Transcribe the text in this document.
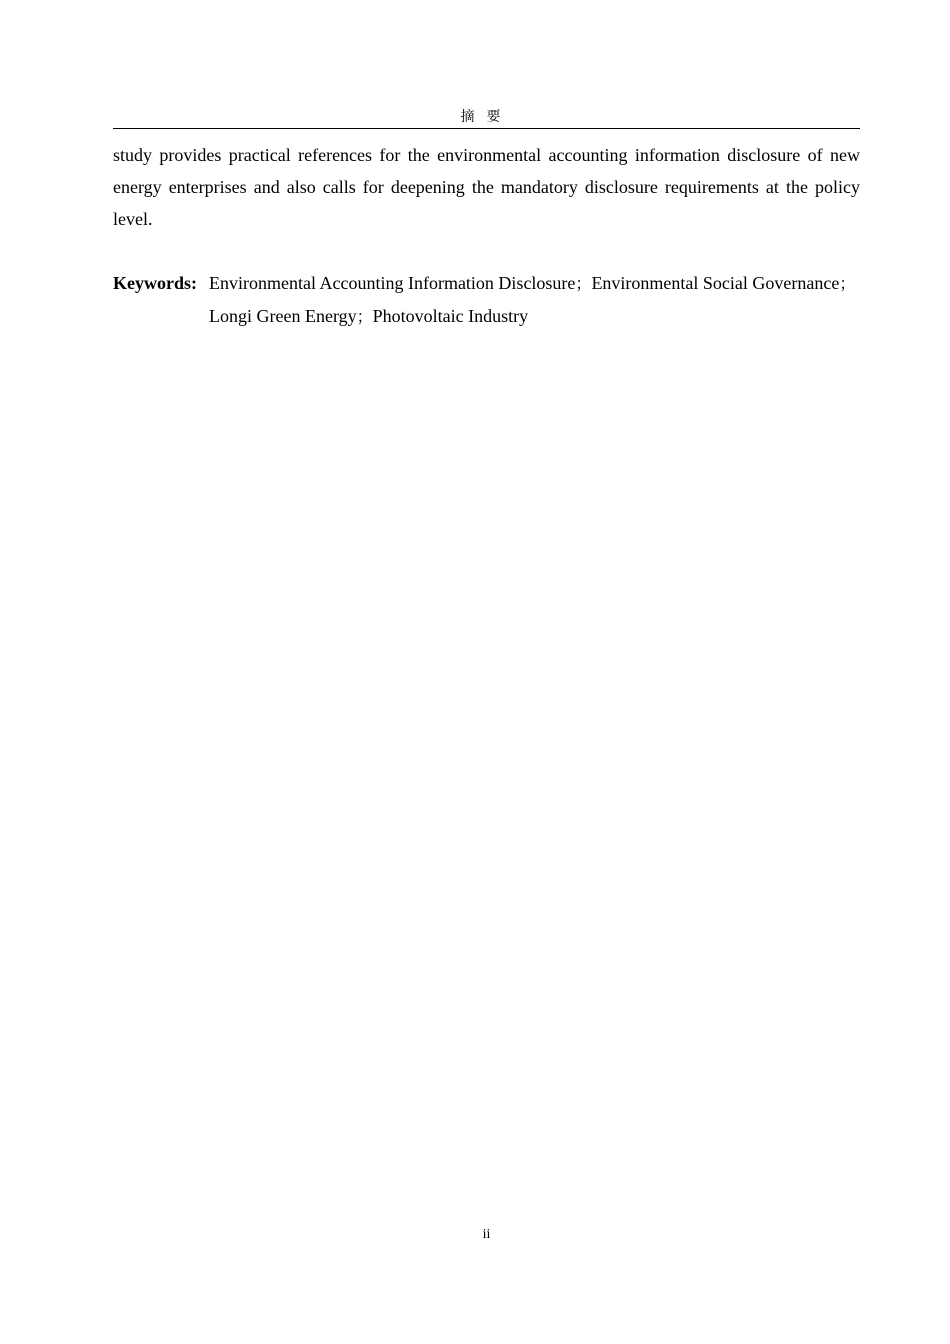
摘要

study provides practical references for the environmental accounting information disclosure of new energy enterprises and also calls for deepening the mandatory disclosure requirements at the policy level.

Keywords: Environmental Accounting Information Disclosure；Environmental Social Governance；
Longi Green Energy；Photovoltaic Industry
ii
